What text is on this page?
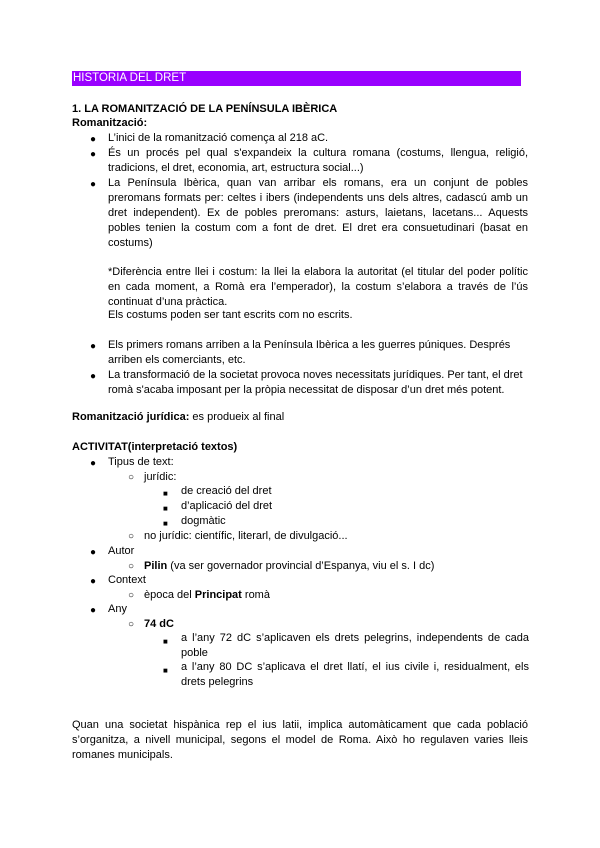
HISTORIA DEL DRET
1. LA ROMANITZACIÓ DE LA PENÍNSULA IBÈRICA
Romanització:
● L’inici de la romanització comença al 218 aC.
● És un procés pel qual s'expandeix la cultura romana (costums, llengua, religió, tradicions, el dret, economia, art, estructura social...)
● La Península Ibèrica, quan van arribar els romans, era un conjunt de pobles preromans formats per: celtes i ibers (independents uns dels altres, cadascú amb un dret independent). Ex de pobles preromans: asturs, laietans, lacetans... Aquests pobles tenien la costum com a font de dret. El dret era consuetudinari (basat en costums)
*Diferència entre llei i costum: la llei la elabora la autoritat (el titular del poder polític en cada moment, a Romà era l’emperador), la costum s’elabora a través de l’ús continuat d’una pràctica.
Els costums poden ser tant escrits com no escrits.
● Els primers romans arriben a la Península Ibèrica a les guerres púniques. Després arriben els comerciants, etc.
● La transformació de la societat provoca noves necessitats jurídiques. Per tant, el dret romà s'acaba imposant per la pròpia necessitat de disposar d’un dret més potent.
Romanització jurídica: es produeix al final
ACTIVITAT(interpretació textos)
● Tipus de text:
○ jurídic:
■ de creació del dret
■ d’aplicació del dret
■ dogmàtic
○ no jurídic: científic, literarl, de divulgació...
● Autor
○ Pilin (va ser governador provincial d’Espanya, viu el s. I dc)
● Context
○ època del Principat romà
● Any
○ 74 dC
■ a l’any 72 dC s’aplicaven els drets pelegrins, independents de cada poble
■ a l’any 80 DC s’aplicava el dret llatí, el ius civile i, residualment, els drets pelegrins
Quan una societat hispànica rep el ius latii, implica automàticament que cada població s’organitza, a nivell municipal, segons el model de Roma. Això ho regulaven varies lleis romanes municipals.
